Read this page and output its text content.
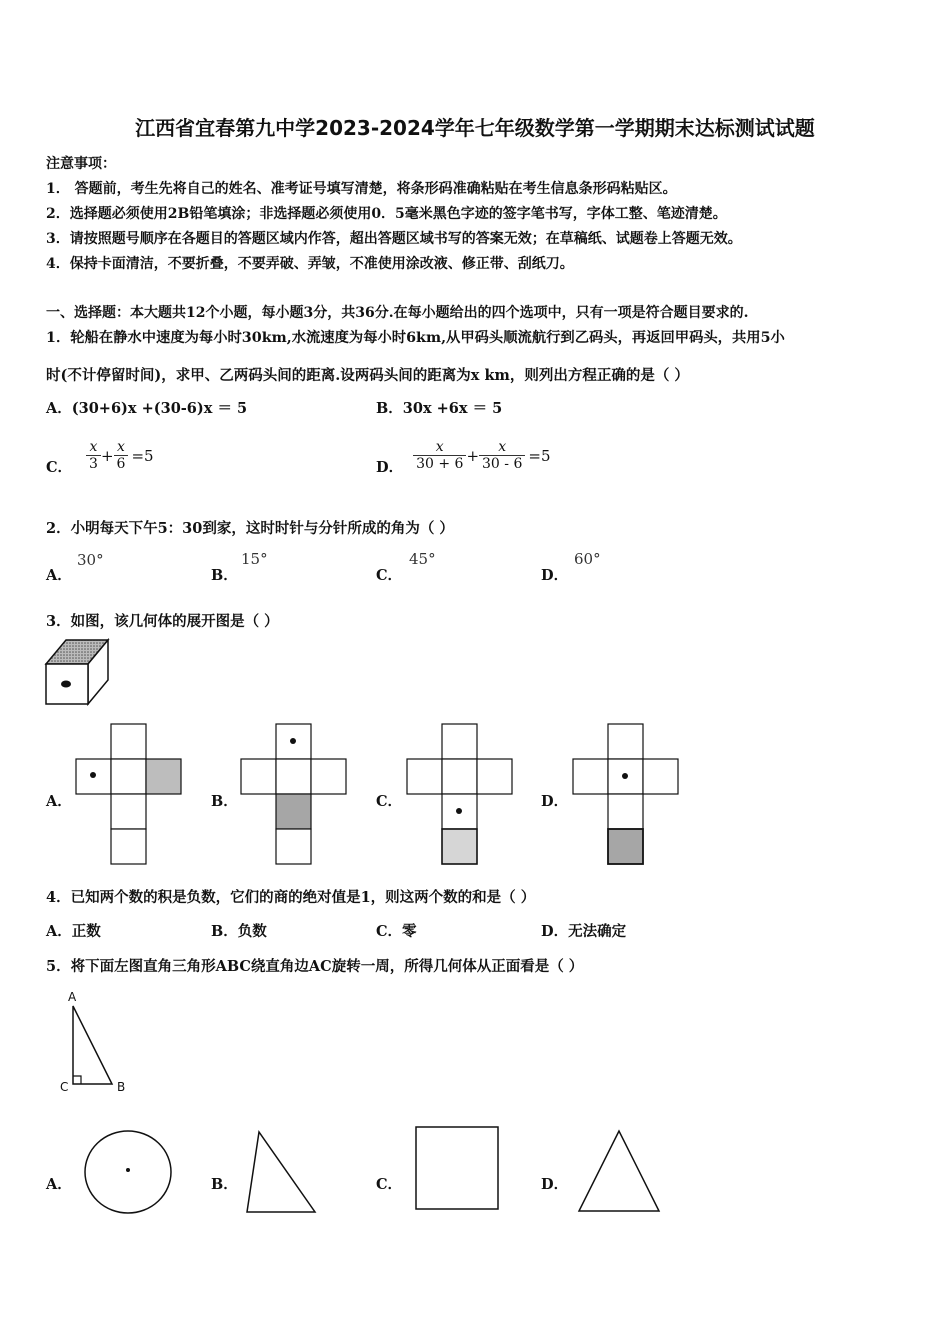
江西省宜春第九中学2023-2024学年七年级数学第一学期期末达标测试试题
注意事项：
1． 答题前，考生先将自己的姓名、准考证号填写清楚，将条形码准确粘贴在考生信息条形码粘贴区。
2．选择题必须使用2B铅笔填涂；非选择题必须使用0．5毫米黑色字迹的签字笔书写，字体工整、笔迹清楚。
3．请按照题号顺序在各题目的答题区域内作答，超出答题区域书写的答案无效；在草稿纸、试题卷上答题无效。
4．保持卡面清洁，不要折叠，不要弄破、弄皱，不准使用涂改液、修正带、刮纸刀。
一、选择题：本大题共12个小题，每小题3分，共36分.在每小题给出的四个选项中，只有一项是符合题目要求的.
1．轮船在静水中速度为每小时30km,水流速度为每小时6km,从甲码头顺流航行到乙码头，再返回甲码头，共用5小
时(不计停留时间)，求甲、乙两码头间的距离.设两码头间的距离为x km，则列出方程正确的是（ ）
A．(30+6)x +(30-6)x ＝ 5	B．30x +6x ＝ 5
C． $\frac{x}{3} + \frac{x}{6} =5$
D． $\frac{x}{30 + 6} + \frac{x}{30 - 6} =5$
2．小明每天下午5：30到家，这时时针与分针所成的角为（ ）
A．
30°
B．
15°
C．
45°
D．
60°
3．如图，该几何体的展开图是（ ）
A．	B．	C．	D．
4．已知两个数的积是负数，它们的商的绝对值是1，则这两个数的和是（ ）
A．正数	B．负数	C．零	D．无法确定
5．将下面左图直角三角形ABC绕直角边AC旋转一周，所得几何体从正面看是（ ）
A
C	B
A．	B．	C．	D．
